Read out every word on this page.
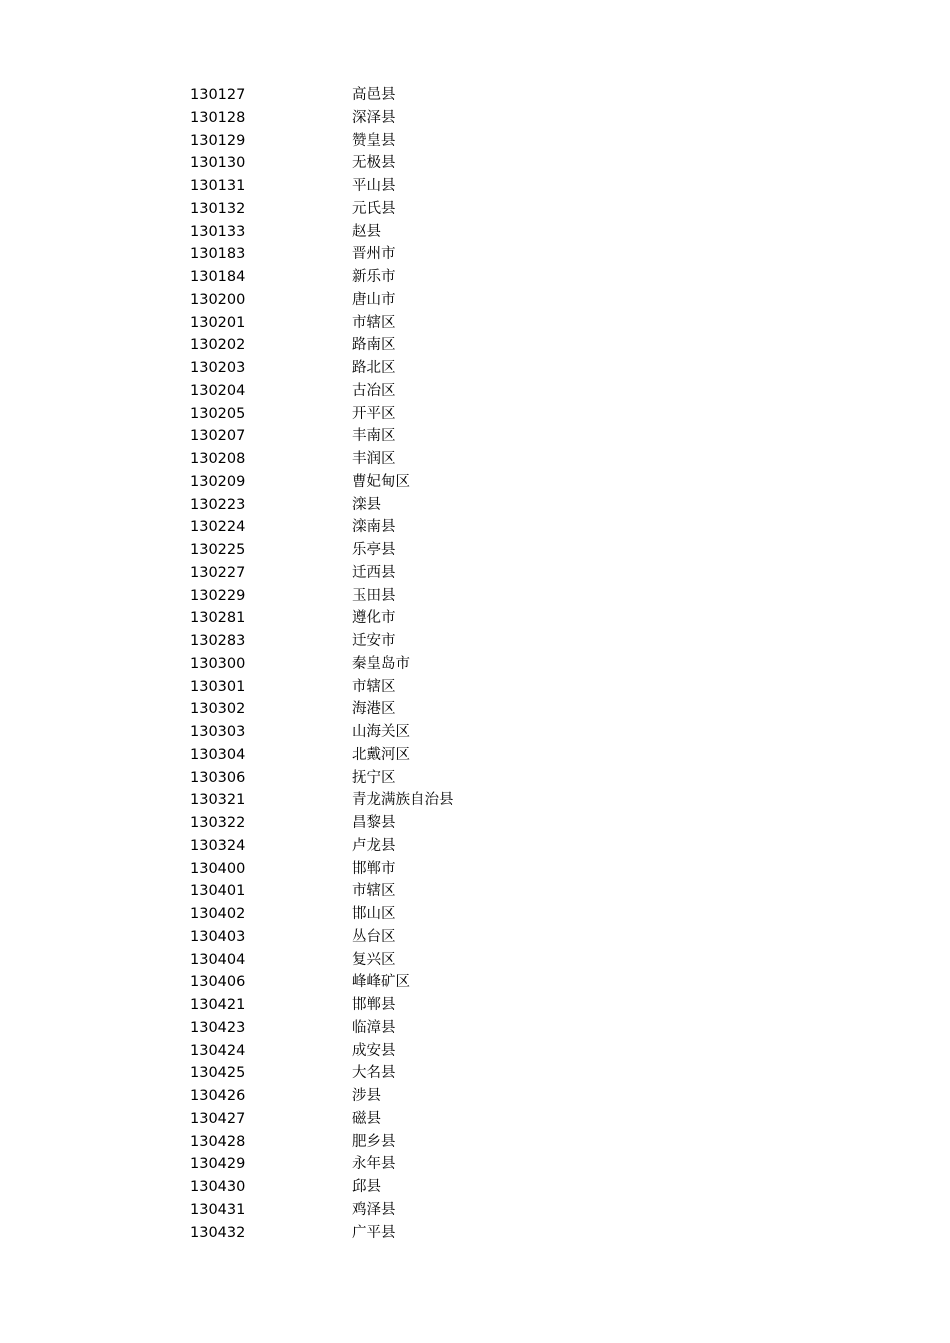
130127	高邑县
130128	深泽县
130129	赞皇县
130130	无极县
130131	平山县
130132	元氏县
130133	赵县
130183	晋州市
130184	新乐市
130200	唐山市
130201	市辖区
130202	路南区
130203	路北区
130204	古冶区
130205	开平区
130207	丰南区
130208	丰润区
130209	曹妃甸区
130223	滦县
130224	滦南县
130225	乐亭县
130227	迁西县
130229	玉田县
130281	遵化市
130283	迁安市
130300	秦皇岛市
130301	市辖区
130302	海港区
130303	山海关区
130304	北戴河区
130306	抚宁区
130321	青龙满族自治县
130322	昌黎县
130324	卢龙县
130400	邯郸市
130401	市辖区
130402	邯山区
130403	丛台区
130404	复兴区
130406	峰峰矿区
130421	邯郸县
130423	临漳县
130424	成安县
130425	大名县
130426	涉县
130427	磁县
130428	肥乡县
130429	永年县
130430	邱县
130431	鸡泽县
130432	广平县
